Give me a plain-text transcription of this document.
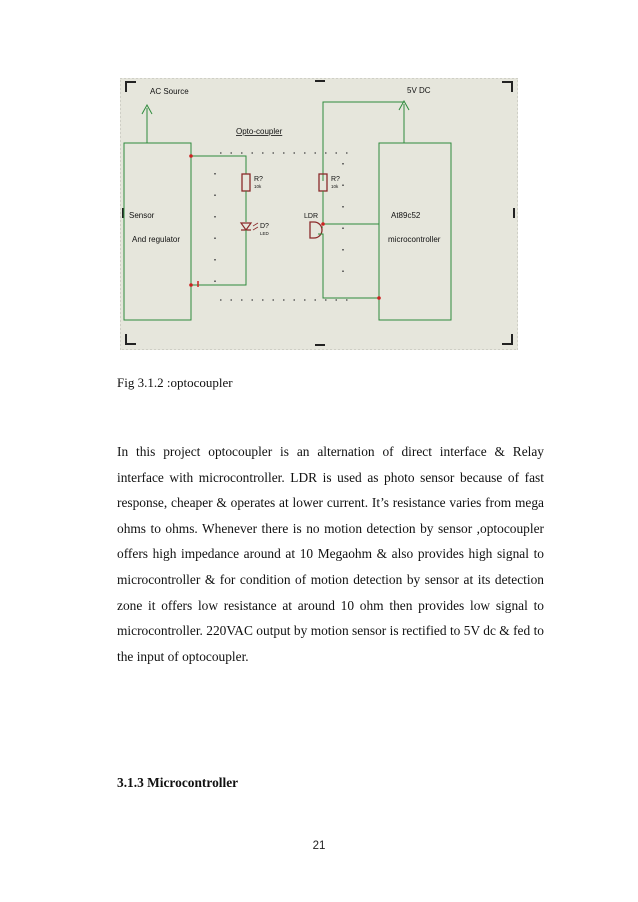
AC Source	5V DC
Opto-coupler
R?
10k
D?
LED
R?
10k
LDR
Sensor
And regulator
At89c52
microcontroller
Fig 3.1.2 :optocoupler

In this project optocoupler is an alternation of direct interface & Relay interface with microcontroller. LDR is used as photo sensor because of fast response, cheaper & operates at lower current. It’s resistance varies from mega ohms to ohms. Whenever there is no motion detection by sensor ,optocoupler offers high impedance around at 10 Megaohm & also provides high signal to microcontroller & for condition of motion detection by sensor at its detection zone it offers low resistance at around 10 ohm then provides low signal to microcontroller. 220VAC output by motion sensor is rectified to 5V dc & fed to the input of optocoupler.

3.1.3 Microcontroller
21
